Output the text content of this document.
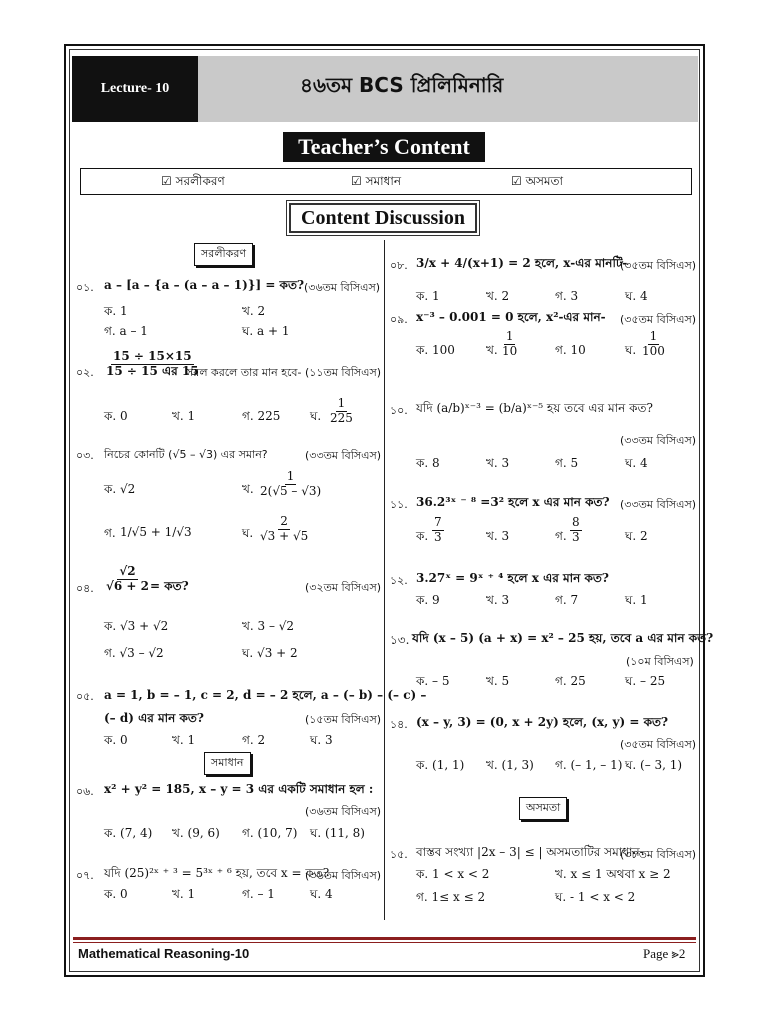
Lecture- 10	৪৬তম BCS প্রিলিমিনারি
Teacher’s Content
☑ সরলীকরণ	☑ সমাধান	☑ অসমতা
Content Discussion
সরলীকরণ
০১. a – [a – {a – (a – a – 1)}] = কত? (৩৬তম বিসিএস)
ক. 1	খ. 2
গ. a – 1	ঘ. a + 1
০২.
15 ÷ 15×15
15 ÷ 15 এর 15
সরল করলে তার মান হবে- (১১তম বিসিএস)
ক. 0	খ. 1	গ. 225 ঘ. $\frac{1}{225}$
০৩. নিচের কোনটি (√5 – √3) এর সমান?	(৩৩তম বিসিএস)
ক. √2	খ. $\frac{1}{2(√5 - √3)}$
গ. 1/√5 + 1/√3	ঘ. $\frac{2}{√3 + √5}$
০৪. $\frac{√2}{√6 + 2}$ = কত?	(৩২তম বিসিএস)
ক. √3 + √2	খ. 3 – √2
গ. √3 – √2	ঘ. √3 + 2
০৫. a = 1, b = – 1, c = 2, d = – 2 হলে, a – (– b) – (– c) –
(– d) এর মান কত?	(১৫তম বিসিএস)
ক. 0	খ. 1	গ. 2	ঘ. 3
সমাধান
০৬. x² + y² = 185, x – y = 3 এর একটি সমাধান হল :
(৩৬তম বিসিএস)
ক. (7, 4) খ. (9, 6) গ. (10, 7) ঘ. (11, 8)
০৭. যদি (25)²ˣ ⁺ ³ = 5³ˣ ⁺ ⁶ হয়, তবে x = কত?
(৩৬তম বিসিএস)
ক. 0	খ. 1	গ. – 1	ঘ. 4
০৮. 3/x + 4/(x+1) = 2 হলে, x-এর মানটি-
(৩৫তম বিসিএস)
ক. 1	খ. 2	গ. 3	ঘ. 4
০৯. x⁻³ – 0.001 = 0 হলে, x²-এর মান- (৩৫তম বিসিএস)
ক. 100	খ. $\frac{1}{10}$	গ. 10	ঘ. $\frac{1}{100}$
১০. যদি (a/b)ˣ⁻³ = (b/a)ˣ⁻⁵ হয় তবে এর মান কত?
(৩৩তম বিসিএস)
ক. 8	খ. 3	গ. 5	ঘ. 4
১১. 36.2³ˣ ⁻ ⁸ =3² হলে x এর মান কত? (৩৩তম বিসিএস)
ক. $\frac{7}{3}$	খ. 3	গ. $\frac{8}{3}$	ঘ. 2
১২. 3.27ˣ = 9ˣ ⁺ ⁴ হলে x এর মান কত?
ক. 9	খ. 3	গ. 7	ঘ. 1
১৩. যদি (x – 5) (a + x) = x² – 25 হয়, তবে a এর মান কত?
(১০ম বিসিএস)
ক. – 5	খ. 5	গ. 25	ঘ. – 25
১৪. (x – y, 3) = (0, x + 2y) হলে, (x, y) = কত?
(৩৫তম বিসিএস)
ক. (1, 1) খ. (1, 3) গ. (– 1, – 1) ঘ. (– 3, 1)
অসমতা
১৫. বাস্তব সংখ্যা |2x – 3| ≤ | অসমতাটির সমাধান-
(৩৮তম বিসিএস)
ক. 1 < x < 2	খ. x ≤ 1 অথবা x ≥ 2
গ. 1≤ x ≤ 2	ঘ. - 1 < x < 2
Mathematical Reasoning-10	Page ⪢2
